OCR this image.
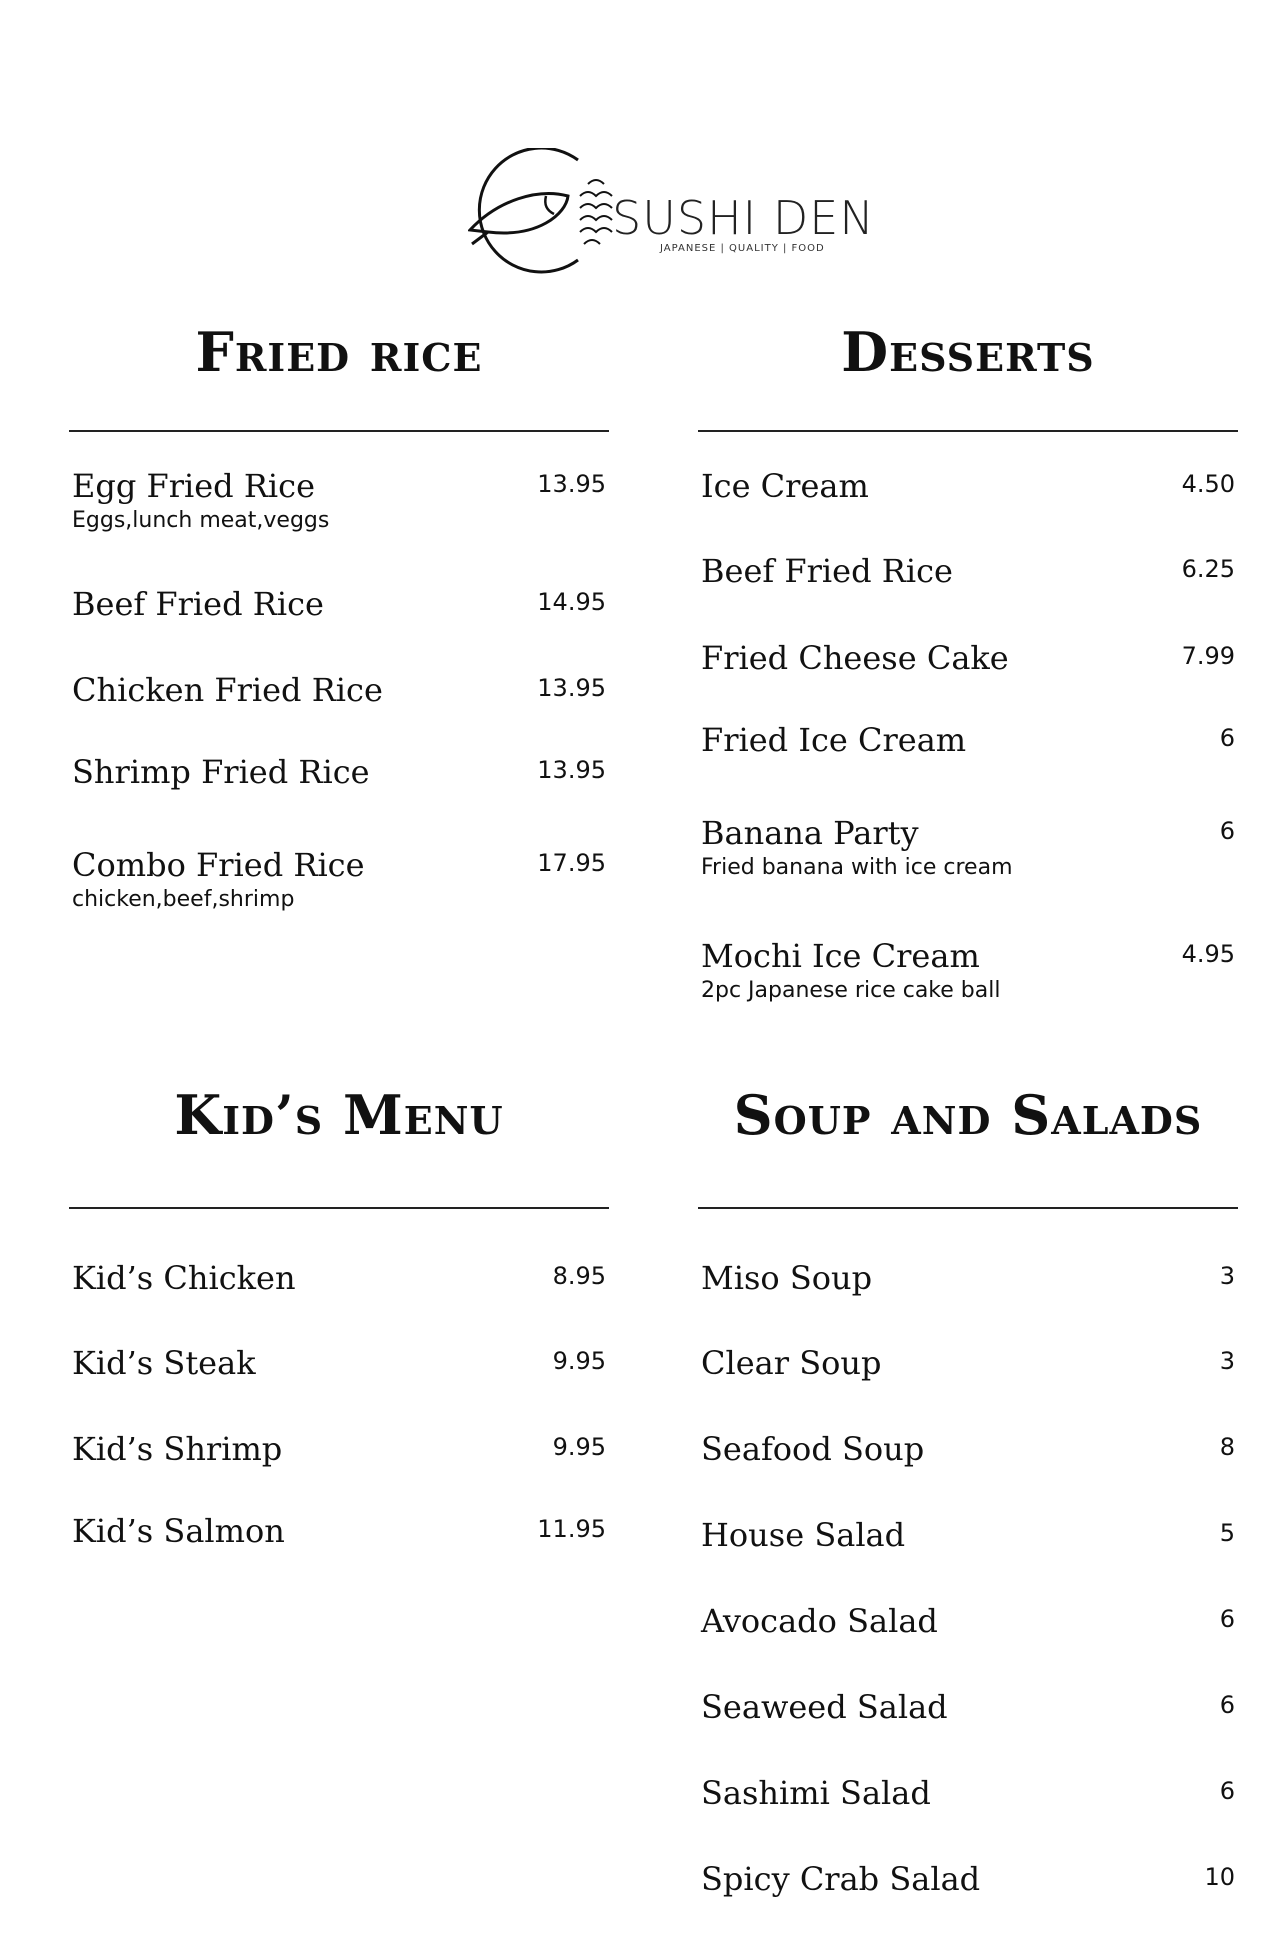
SUSHI DEN
JAPANESE | QUALITY | FOOD
Fried rice
Egg Fried Rice	13.95
Eggs,lunch meat,veggs
Beef Fried Rice	14.95
Chicken Fried Rice	13.95
Shrimp Fried Rice	13.95
Combo Fried Rice	17.95
chicken,beef,shrimp
Desserts
Ice Cream	4.50
Beef Fried Rice	6.25
Fried Cheese Cake	7.99
Fried Ice Cream	6
Banana Party	6
Fried banana with ice cream
Mochi Ice Cream	4.95
2pc Japanese rice cake ball
Kid’s Menu
Kid’s Chicken	8.95
Kid’s Steak	9.95
Kid’s Shrimp	9.95
Kid’s Salmon	11.95
Soup and Salads
Miso Soup	3
Clear Soup	3
Seafood Soup	8
House Salad	5
Avocado Salad	6
Seaweed Salad	6
Sashimi Salad	6
Spicy Crab Salad	10
